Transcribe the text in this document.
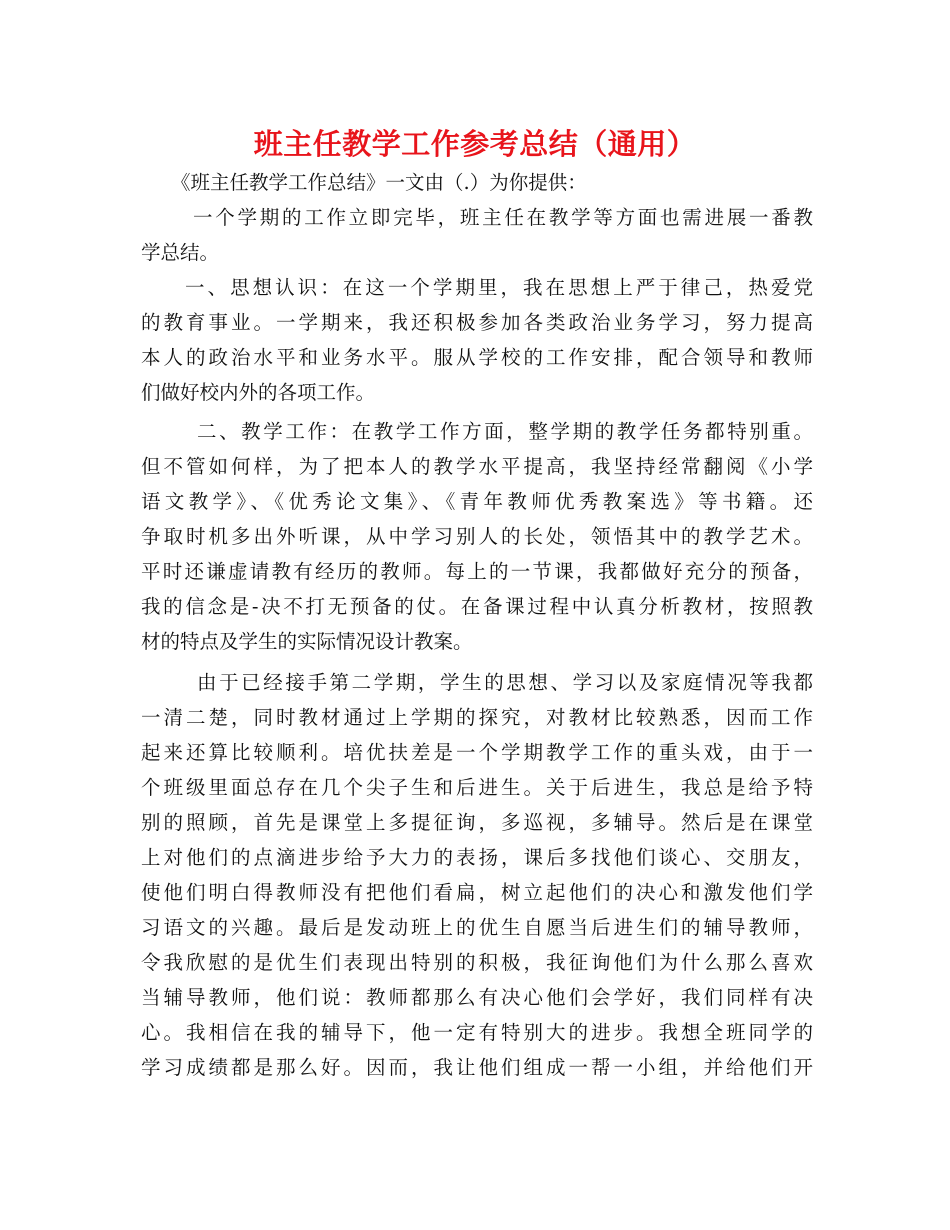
班主任教学工作参考总结（通用）
《班主任教学工作总结》一文由（.）为你提供：
一个学期的工作立即完毕，班主任在教学等方面也需进展一番教
学总结。
一、思想认识：在这一个学期里，我在思想上严于律己，热爱党
的教育事业。一学期来，我还积极参加各类政治业务学习，努力提高
本人的政治水平和业务水平。服从学校的工作安排，配合领导和教师
们做好校内外的各项工作。
二、教学工作：在教学工作方面，整学期的教学任务都特别重。
但不管如何样，为了把本人的教学水平提高，我坚持经常翻阅《小学
语文教学》、《优秀论文集》、《青年教师优秀教案选》等书籍。还
争取时机多出外听课，从中学习别人的长处，领悟其中的教学艺术。
平时还谦虚请教有经历的教师。每上的一节课，我都做好充分的预备，
我的信念是-决不打无预备的仗。在备课过程中认真分析教材，按照教
材的特点及学生的实际情况设计教案。
由于已经接手第二学期，学生的思想、学习以及家庭情况等我都
一清二楚，同时教材通过上学期的探究，对教材比较熟悉，因而工作
起来还算比较顺利。培优扶差是一个学期教学工作的重头戏，由于一
个班级里面总存在几个尖子生和后进生。关于后进生，我总是给予特
别的照顾，首先是课堂上多提征询，多巡视，多辅导。然后是在课堂
上对他们的点滴进步给予大力的表扬，课后多找他们谈心、交朋友，
使他们明白得教师没有把他们看扁，树立起他们的决心和激发他们学
习语文的兴趣。最后是发动班上的优生自愿当后进生们的辅导教师，
令我欣慰的是优生们表现出特别的积极，我征询他们为什么那么喜欢
当辅导教师，他们说：教师都那么有决心他们会学好，我们同样有决
心。我相信在我的辅导下，他一定有特别大的进步。我想全班同学的
学习成绩都是那么好。因而，我让他们组成一帮一小组，并给他们开
